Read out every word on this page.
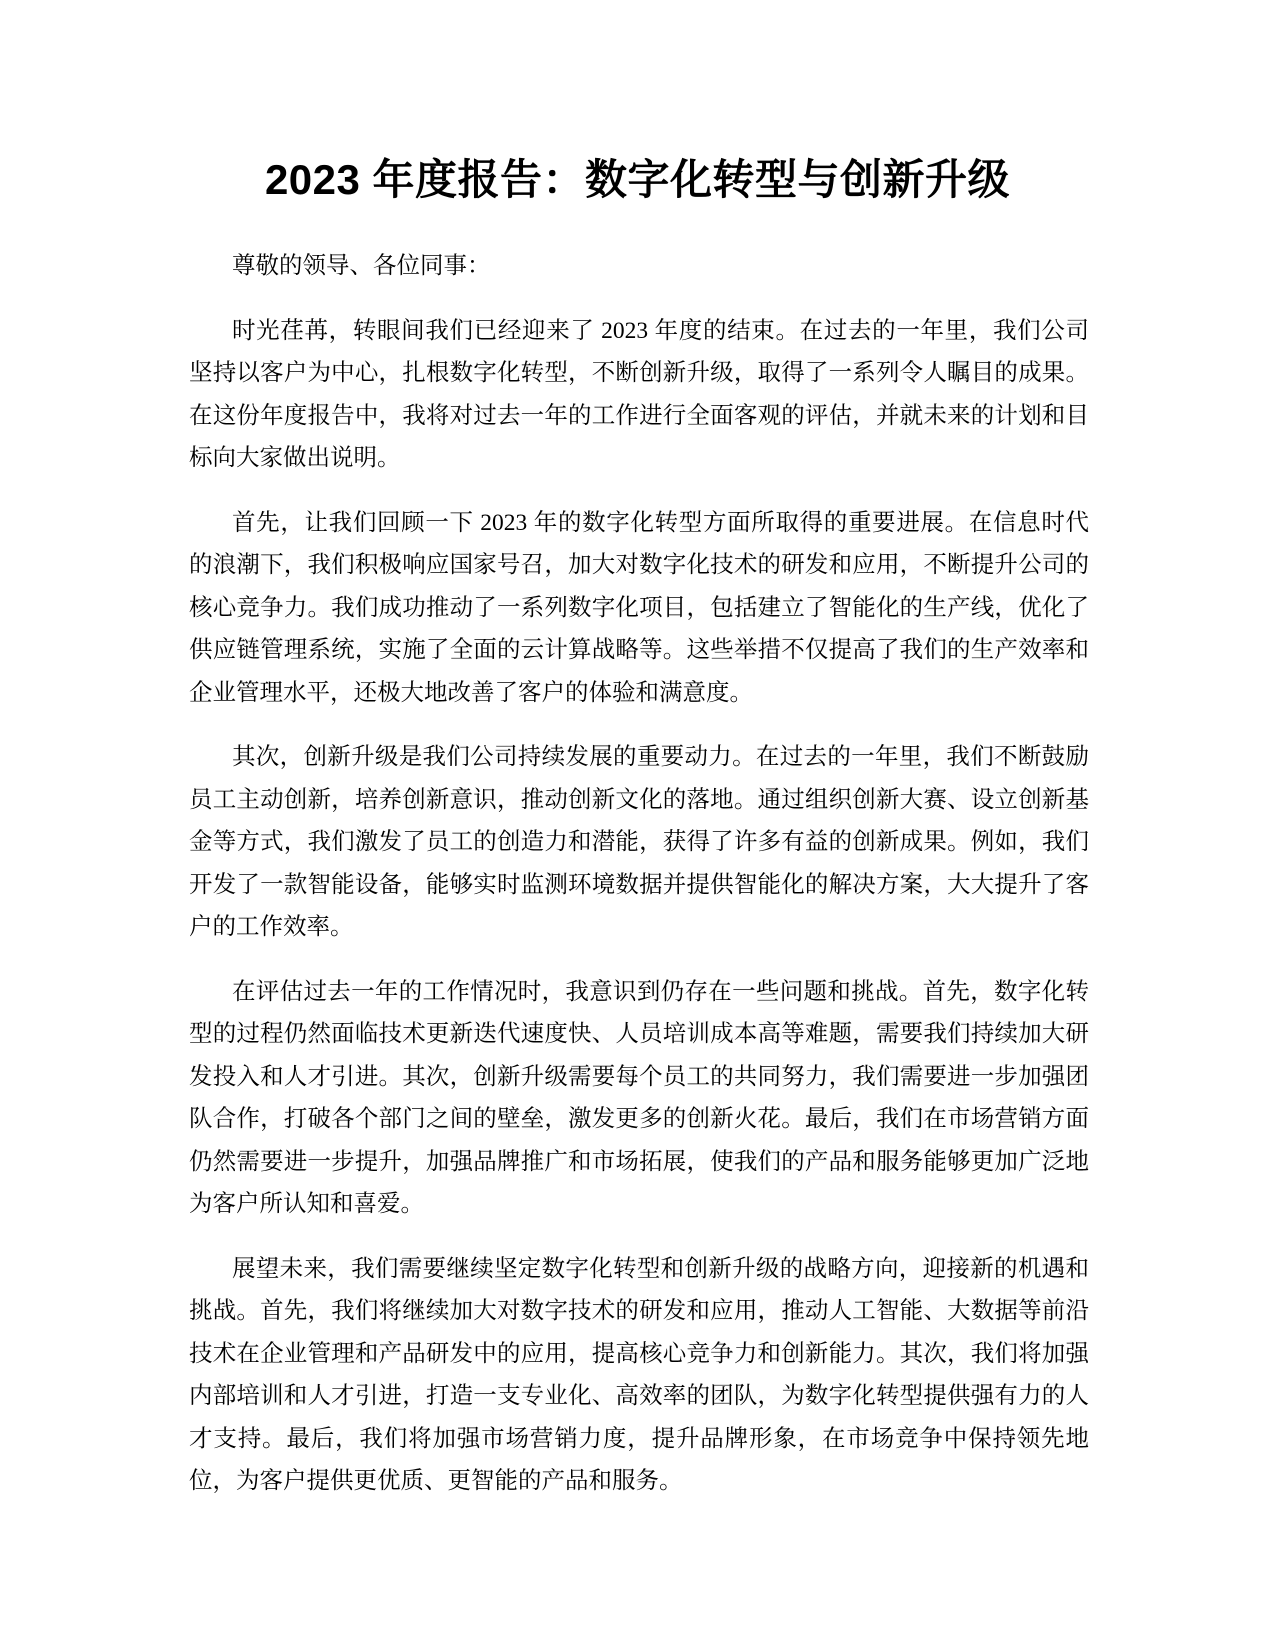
2023 年度报告：数字化转型与创新升级

尊敬的领导、各位同事：

时光荏苒，转眼间我们已经迎来了 2023 年度的结束。在过去的一年里，我们公司坚持以客户为中心，扎根数字化转型，不断创新升级，取得了一系列令人瞩目的成果。在这份年度报告中，我将对过去一年的工作进行全面客观的评估，并就未来的计划和目标向大家做出说明。

首先，让我们回顾一下 2023 年的数字化转型方面所取得的重要进展。在信息时代的浪潮下，我们积极响应国家号召，加大对数字化技术的研发和应用，不断提升公司的核心竞争力。我们成功推动了一系列数字化项目，包括建立了智能化的生产线，优化了供应链管理系统，实施了全面的云计算战略等。这些举措不仅提高了我们的生产效率和企业管理水平，还极大地改善了客户的体验和满意度。

其次，创新升级是我们公司持续发展的重要动力。在过去的一年里，我们不断鼓励员工主动创新，培养创新意识，推动创新文化的落地。通过组织创新大赛、设立创新基金等方式，我们激发了员工的创造力和潜能，获得了许多有益的创新成果。例如，我们开发了一款智能设备，能够实时监测环境数据并提供智能化的解决方案，大大提升了客户的工作效率。

在评估过去一年的工作情况时，我意识到仍存在一些问题和挑战。首先，数字化转型的过程仍然面临技术更新迭代速度快、人员培训成本高等难题，需要我们持续加大研发投入和人才引进。其次，创新升级需要每个员工的共同努力，我们需要进一步加强团队合作，打破各个部门之间的壁垒，激发更多的创新火花。最后，我们在市场营销方面仍然需要进一步提升，加强品牌推广和市场拓展，使我们的产品和服务能够更加广泛地为客户所认知和喜爱。

展望未来，我们需要继续坚定数字化转型和创新升级的战略方向，迎接新的机遇和挑战。首先，我们将继续加大对数字技术的研发和应用，推动人工智能、大数据等前沿技术在企业管理和产品研发中的应用，提高核心竞争力和创新能力。其次，我们将加强内部培训和人才引进，打造一支专业化、高效率的团队，为数字化转型提供强有力的人才支持。最后，我们将加强市场营销力度，提升品牌形象，在市场竞争中保持领先地位，为客户提供更优质、更智能的产品和服务。
